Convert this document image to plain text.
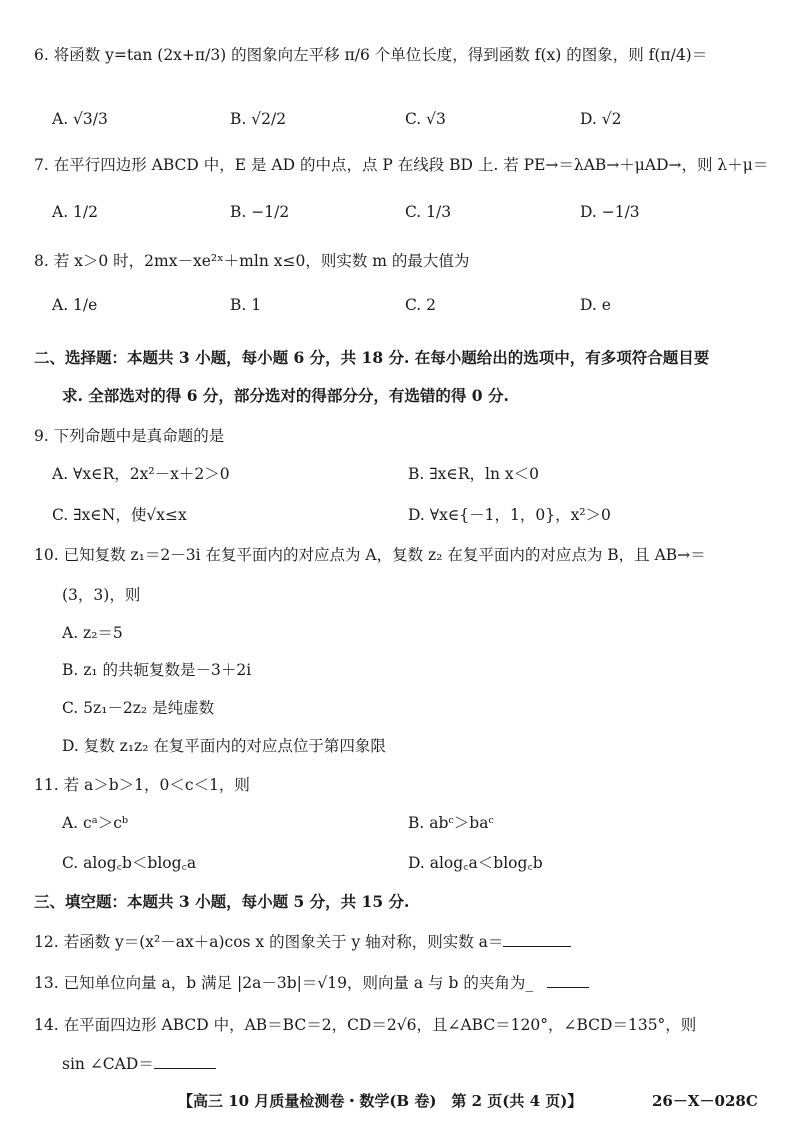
6. 将函数 y=tan (2x+π/3) 的图象向左平移 π/6 个单位长度，得到函数 f(x) 的图象，则 f(π/4)＝
A. √3/3	B. √2/2	C. √3	D. √2
7. 在平行四边形 ABCD 中，E 是 AD 的中点，点 P 在线段 BD 上. 若 PE→＝λAB→＋μAD→，则 λ＋μ＝
A. 1/2	B. −1/2	C. 1/3	D. −1/3
8. 若 x＞0 时，2mx－xe²ˣ＋mln x≤0，则实数 m 的最大值为
A. 1/e	B. 1	C. 2	D. e
二、选择题：本题共 3 小题，每小题 6 分，共 18 分. 在每小题给出的选项中，有多项符合题目要
求. 全部选对的得 6 分，部分选对的得部分分，有选错的得 0 分.
9. 下列命题中是真命题的是
A. ∀x∈R，2x²－x＋2＞0	B. ∃x∈R，ln x＜0
C. ∃x∈N，使√x≤x	D. ∀x∈{－1，1，0}，x²＞0
10. 已知复数 z₁＝2－3i 在复平面内的对应点为 A，复数 z₂ 在复平面内的对应点为 B，且 AB→＝
(3，3)，则
A. z₂＝5
B. z₁ 的共轭复数是－3＋2i
C. 5z₁－2z₂ 是纯虚数
D. 复数 z₁z₂ 在复平面内的对应点位于第四象限
11. 若 a＞b＞1，0＜c＜1，则
A. cᵃ＞cᵇ	B. abᶜ＞baᶜ
C. alog꜀b＜blog꜀a	D. alog꜀a＜blog꜀b
三、填空题：本题共 3 小题，每小题 5 分，共 15 分.
12. 若函数 y＝(x²－ax＋a)cos x 的图象关于 y 轴对称，则实数 a＝
13. 已知单位向量 a，b 满足 |2a－3b|＝√19，则向量 a 与 b 的夹角为_
14. 在平面四边形 ABCD 中，AB＝BC＝2，CD＝2√6，且∠ABC＝120°，∠BCD＝135°，则
sin ∠CAD＝
【高三 10 月质量检测卷・数学(B 卷)　第 2 页(共 4 页)】	26－X－028C
